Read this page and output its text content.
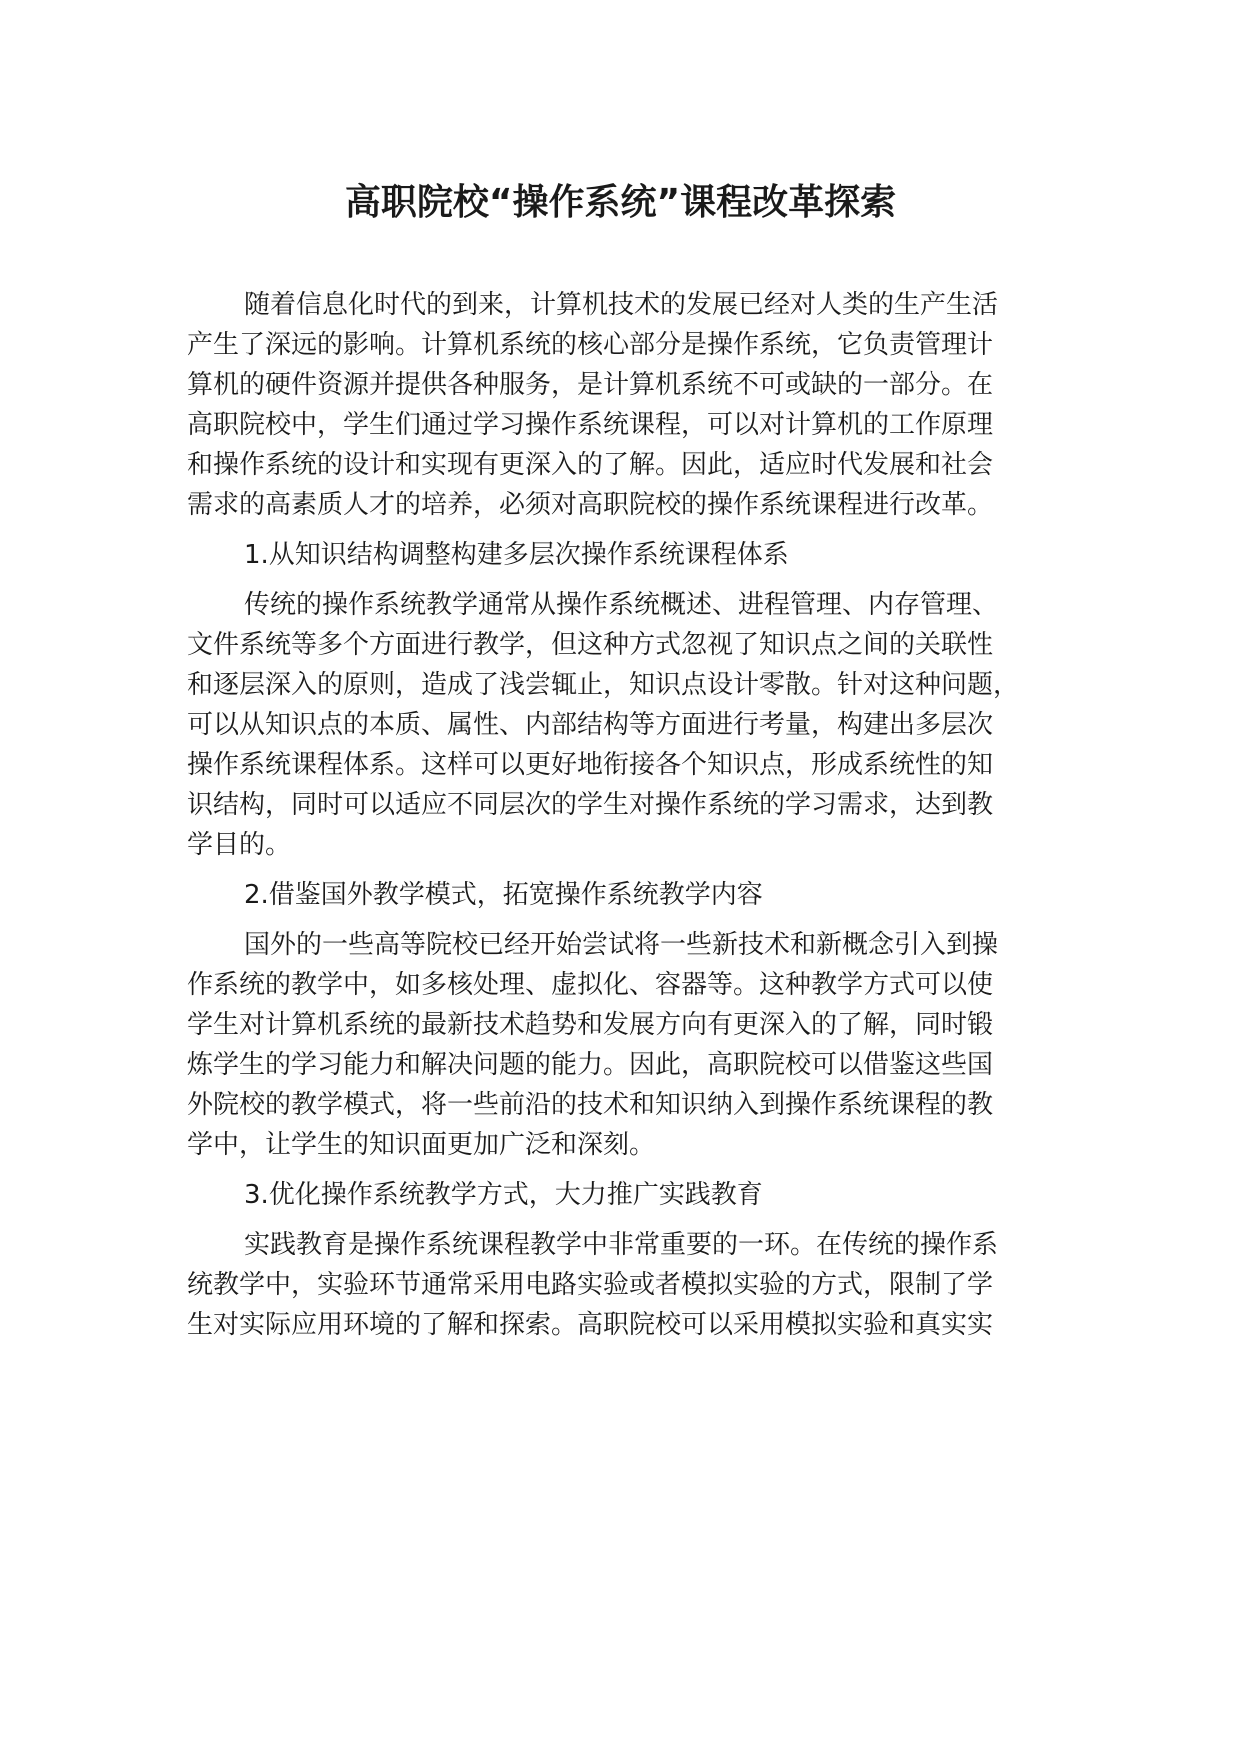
高职院校“操作系统”课程改革探索
随着信息化时代的到来，计算机技术的发展已经对人类的生产生活
产生了深远的影响。计算机系统的核心部分是操作系统，它负责管理计
算机的硬件资源并提供各种服务，是计算机系统不可或缺的一部分。在
高职院校中，学生们通过学习操作系统课程，可以对计算机的工作原理
和操作系统的设计和实现有更深入的了解。因此，适应时代发展和社会
需求的高素质人才的培养，必须对高职院校的操作系统课程进行改革。
1.从知识结构调整构建多层次操作系统课程体系
传统的操作系统教学通常从操作系统概述、进程管理、内存管理、
文件系统等多个方面进行教学，但这种方式忽视了知识点之间的关联性
和逐层深入的原则，造成了浅尝辄止，知识点设计零散。针对这种问题，
可以从知识点的本质、属性、内部结构等方面进行考量，构建出多层次
操作系统课程体系。这样可以更好地衔接各个知识点，形成系统性的知
识结构，同时可以适应不同层次的学生对操作系统的学习需求，达到教
学目的。
2.借鉴国外教学模式，拓宽操作系统教学内容
国外的一些高等院校已经开始尝试将一些新技术和新概念引入到操
作系统的教学中，如多核处理、虚拟化、容器等。这种教学方式可以使
学生对计算机系统的最新技术趋势和发展方向有更深入的了解，同时锻
炼学生的学习能力和解决问题的能力。因此，高职院校可以借鉴这些国
外院校的教学模式，将一些前沿的技术和知识纳入到操作系统课程的教
学中，让学生的知识面更加广泛和深刻。
3.优化操作系统教学方式，大力推广实践教育
实践教育是操作系统课程教学中非常重要的一环。在传统的操作系
统教学中，实验环节通常采用电路实验或者模拟实验的方式，限制了学
生对实际应用环境的了解和探索。高职院校可以采用模拟实验和真实实
